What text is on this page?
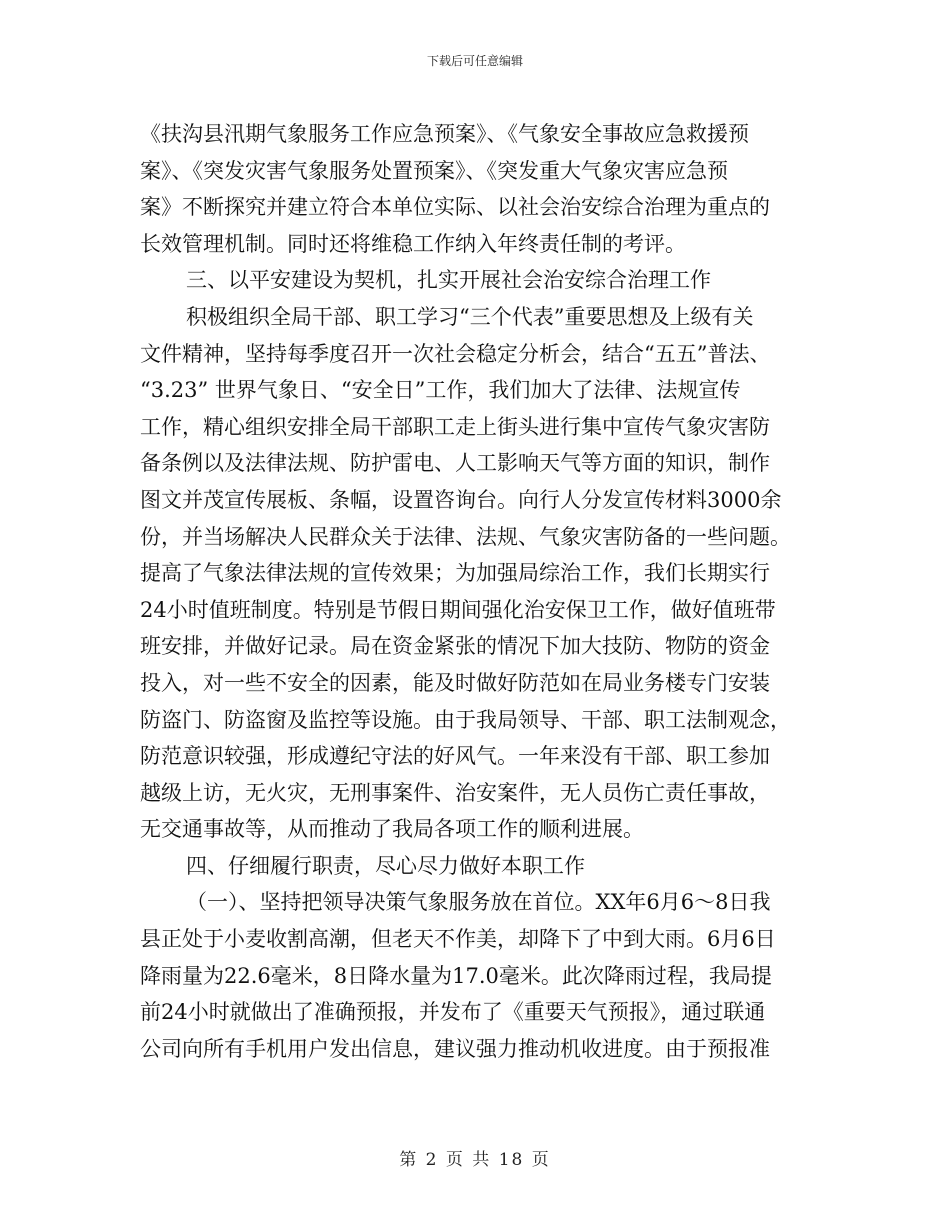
下载后可任意编辑
《扶沟县汛期气象服务工作应急预案》、《气象安全事故应急救援预
案》、《突发灾害气象服务处置预案》、《突发重大气象灾害应急预
案》不断探究并建立符合本单位实际、以社会治安综合治理为重点的
长效管理机制。同时还将维稳工作纳入年终责任制的考评。
三、以平安建设为契机，扎实开展社会治安综合治理工作
积极组织全局干部、职工学习“三个代表”重要思想及上级有关
文件精神，坚持每季度召开一次社会稳定分析会，结合“五五”普法、
“3.23” 世界气象日、“安全日”工作，我们加大了法律、法规宣传
工作，精心组织安排全局干部职工走上街头进行集中宣传气象灾害防
备条例以及法律法规、防护雷电、人工影响天气等方面的知识，制作
图文并茂宣传展板、条幅，设置咨询台。向行人分发宣传材料3000余
份，并当场解决人民群众关于法律、法规、气象灾害防备的一些问题。
提高了气象法律法规的宣传效果；为加强局综治工作，我们长期实行
24小时值班制度。特别是节假日期间强化治安保卫工作，做好值班带
班安排，并做好记录。局在资金紧张的情况下加大技防、物防的资金
投入，对一些不安全的因素，能及时做好防范如在局业务楼专门安装
防盗门、防盗窗及监控等设施。由于我局领导、干部、职工法制观念，
防范意识较强，形成遵纪守法的好风气。一年来没有干部、职工参加
越级上访，无火灾，无刑事案件、治安案件，无人员伤亡责任事故，
无交通事故等，从而推动了我局各项工作的顺利进展。
四、仔细履行职责，尽心尽力做好本职工作
（一）、坚持把领导决策气象服务放在首位。XX年6月6～8日我
县正处于小麦收割高潮，但老天不作美，却降下了中到大雨。6月6日
降雨量为22.6毫米，8日降水量为17.0毫米。此次降雨过程，我局提
前24小时就做出了准确预报，并发布了《重要天气预报》，通过联通
公司向所有手机用户发出信息，建议强力推动机收进度。由于预报准
第 2 页 共 18 页
